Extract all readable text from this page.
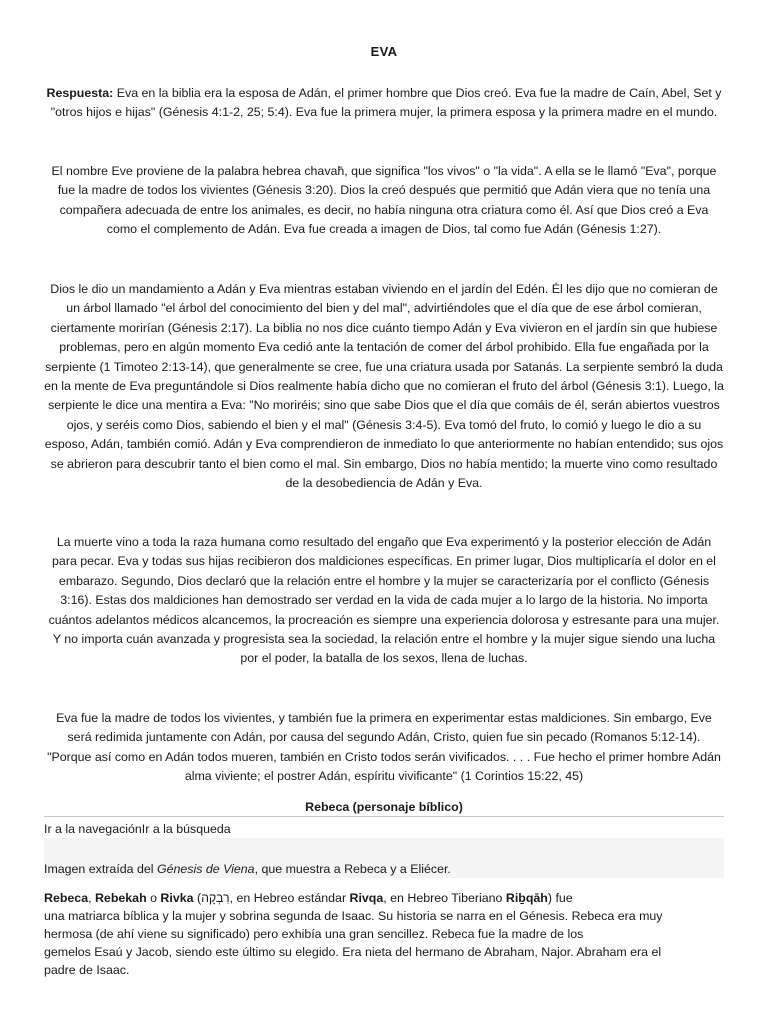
EVA
Respuesta: Eva en la biblia era la esposa de Adán, el primer hombre que Dios creó. Eva fue la madre de Caín, Abel, Set y "otros hijos e hijas" (Génesis 4:1-2, 25; 5:4). Eva fue la primera mujer, la primera esposa y la primera madre en el mundo.
El nombre Eve proviene de la palabra hebrea chavah̄, que significa "los vivos" o "la vida". A ella se le llamó "Eva", porque fue la madre de todos los vivientes (Génesis 3:20). Dios la creó después que permitió que Adán viera que no tenía una compañera adecuada de entre los animales, es decir, no había ninguna otra criatura como él. Así que Dios creó a Eva como el complemento de Adán. Eva fue creada a imagen de Dios, tal como fue Adán (Génesis 1:27).
Dios le dio un mandamiento a Adán y Eva mientras estaban viviendo en el jardín del Edén. Él les dijo que no comieran de un árbol llamado "el árbol del conocimiento del bien y del mal", advirtiéndoles que el día que de ese árbol comieran, ciertamente morirían (Génesis 2:17). La biblia no nos dice cuánto tiempo Adán y Eva vivieron en el jardín sin que hubiese problemas, pero en algún momento Eva cedió ante la tentación de comer del árbol prohibido. Ella fue engañada por la serpiente (1 Timoteo 2:13-14), que generalmente se cree, fue una criatura usada por Satanás. La serpiente sembró la duda en la mente de Eva preguntándole si Dios realmente había dicho que no comieran el fruto del árbol (Génesis 3:1). Luego, la serpiente le dice una mentira a Eva: "No moriréis; sino que sabe Dios que el día que comáis de él, serán abiertos vuestros ojos, y seréis como Dios, sabiendo el bien y el mal" (Génesis 3:4-5). Eva tomó del fruto, lo comió y luego le dio a su esposo, Adán, también comió. Adán y Eva comprendieron de inmediato lo que anteriormente no habían entendido; sus ojos se abrieron para descubrir tanto el bien como el mal. Sin embargo, Dios no había mentido; la muerte vino como resultado de la desobediencia de Adán y Eva.
La muerte vino a toda la raza humana como resultado del engaño que Eva experimentó y la posterior elección de Adán para pecar. Eva y todas sus hijas recibieron dos maldiciones específicas. En primer lugar, Dios multiplicaría el dolor en el embarazo. Segundo, Dios declaró que la relación entre el hombre y la mujer se caracterizaría por el conflicto (Génesis 3:16). Estas dos maldiciones han demostrado ser verdad en la vida de cada mujer a lo largo de la historia. No importa cuántos adelantos médicos alcancemos, la procreación es siempre una experiencia dolorosa y estresante para una mujer. Y no importa cuán avanzada y progresista sea la sociedad, la relación entre el hombre y la mujer sigue siendo una lucha por el poder, la batalla de los sexos, llena de luchas.
Eva fue la madre de todos los vivientes, y también fue la primera en experimentar estas maldiciones. Sin embargo, Eve será redimida juntamente con Adán, por causa del segundo Adán, Cristo, quien fue sin pecado (Romanos 5:12-14). "Porque así como en Adán todos mueren, también en Cristo todos serán vivificados. . . . Fue hecho el primer hombre Adán alma viviente; el postrer Adán, espíritu vivificante" (1 Corintios 15:22, 45)
Rebeca (personaje bíblico)
Ir a la navegaciónIr a la búsqueda
Imagen extraída del Génesis de Viena, que muestra a Rebeca y a Eliécer.
Rebeca, Rebekah o Rivka (רִבְקָה, en Hebreo estándar Rivqa, en Hebreo Tiberiano Riḇqāh) fue
una matriarca bíblica y la mujer y sobrina segunda de Isaac. Su historia se narra en el Génesis. Rebeca era muy
hermosa (de ahí viene su significado) pero exhibía una gran sencillez. Rebeca fue la madre de los
gemelos Esaú y Jacob, siendo este último su elegido. Era nieta del hermano de Abraham, Najor. Abraham era el
padre de Isaac.
